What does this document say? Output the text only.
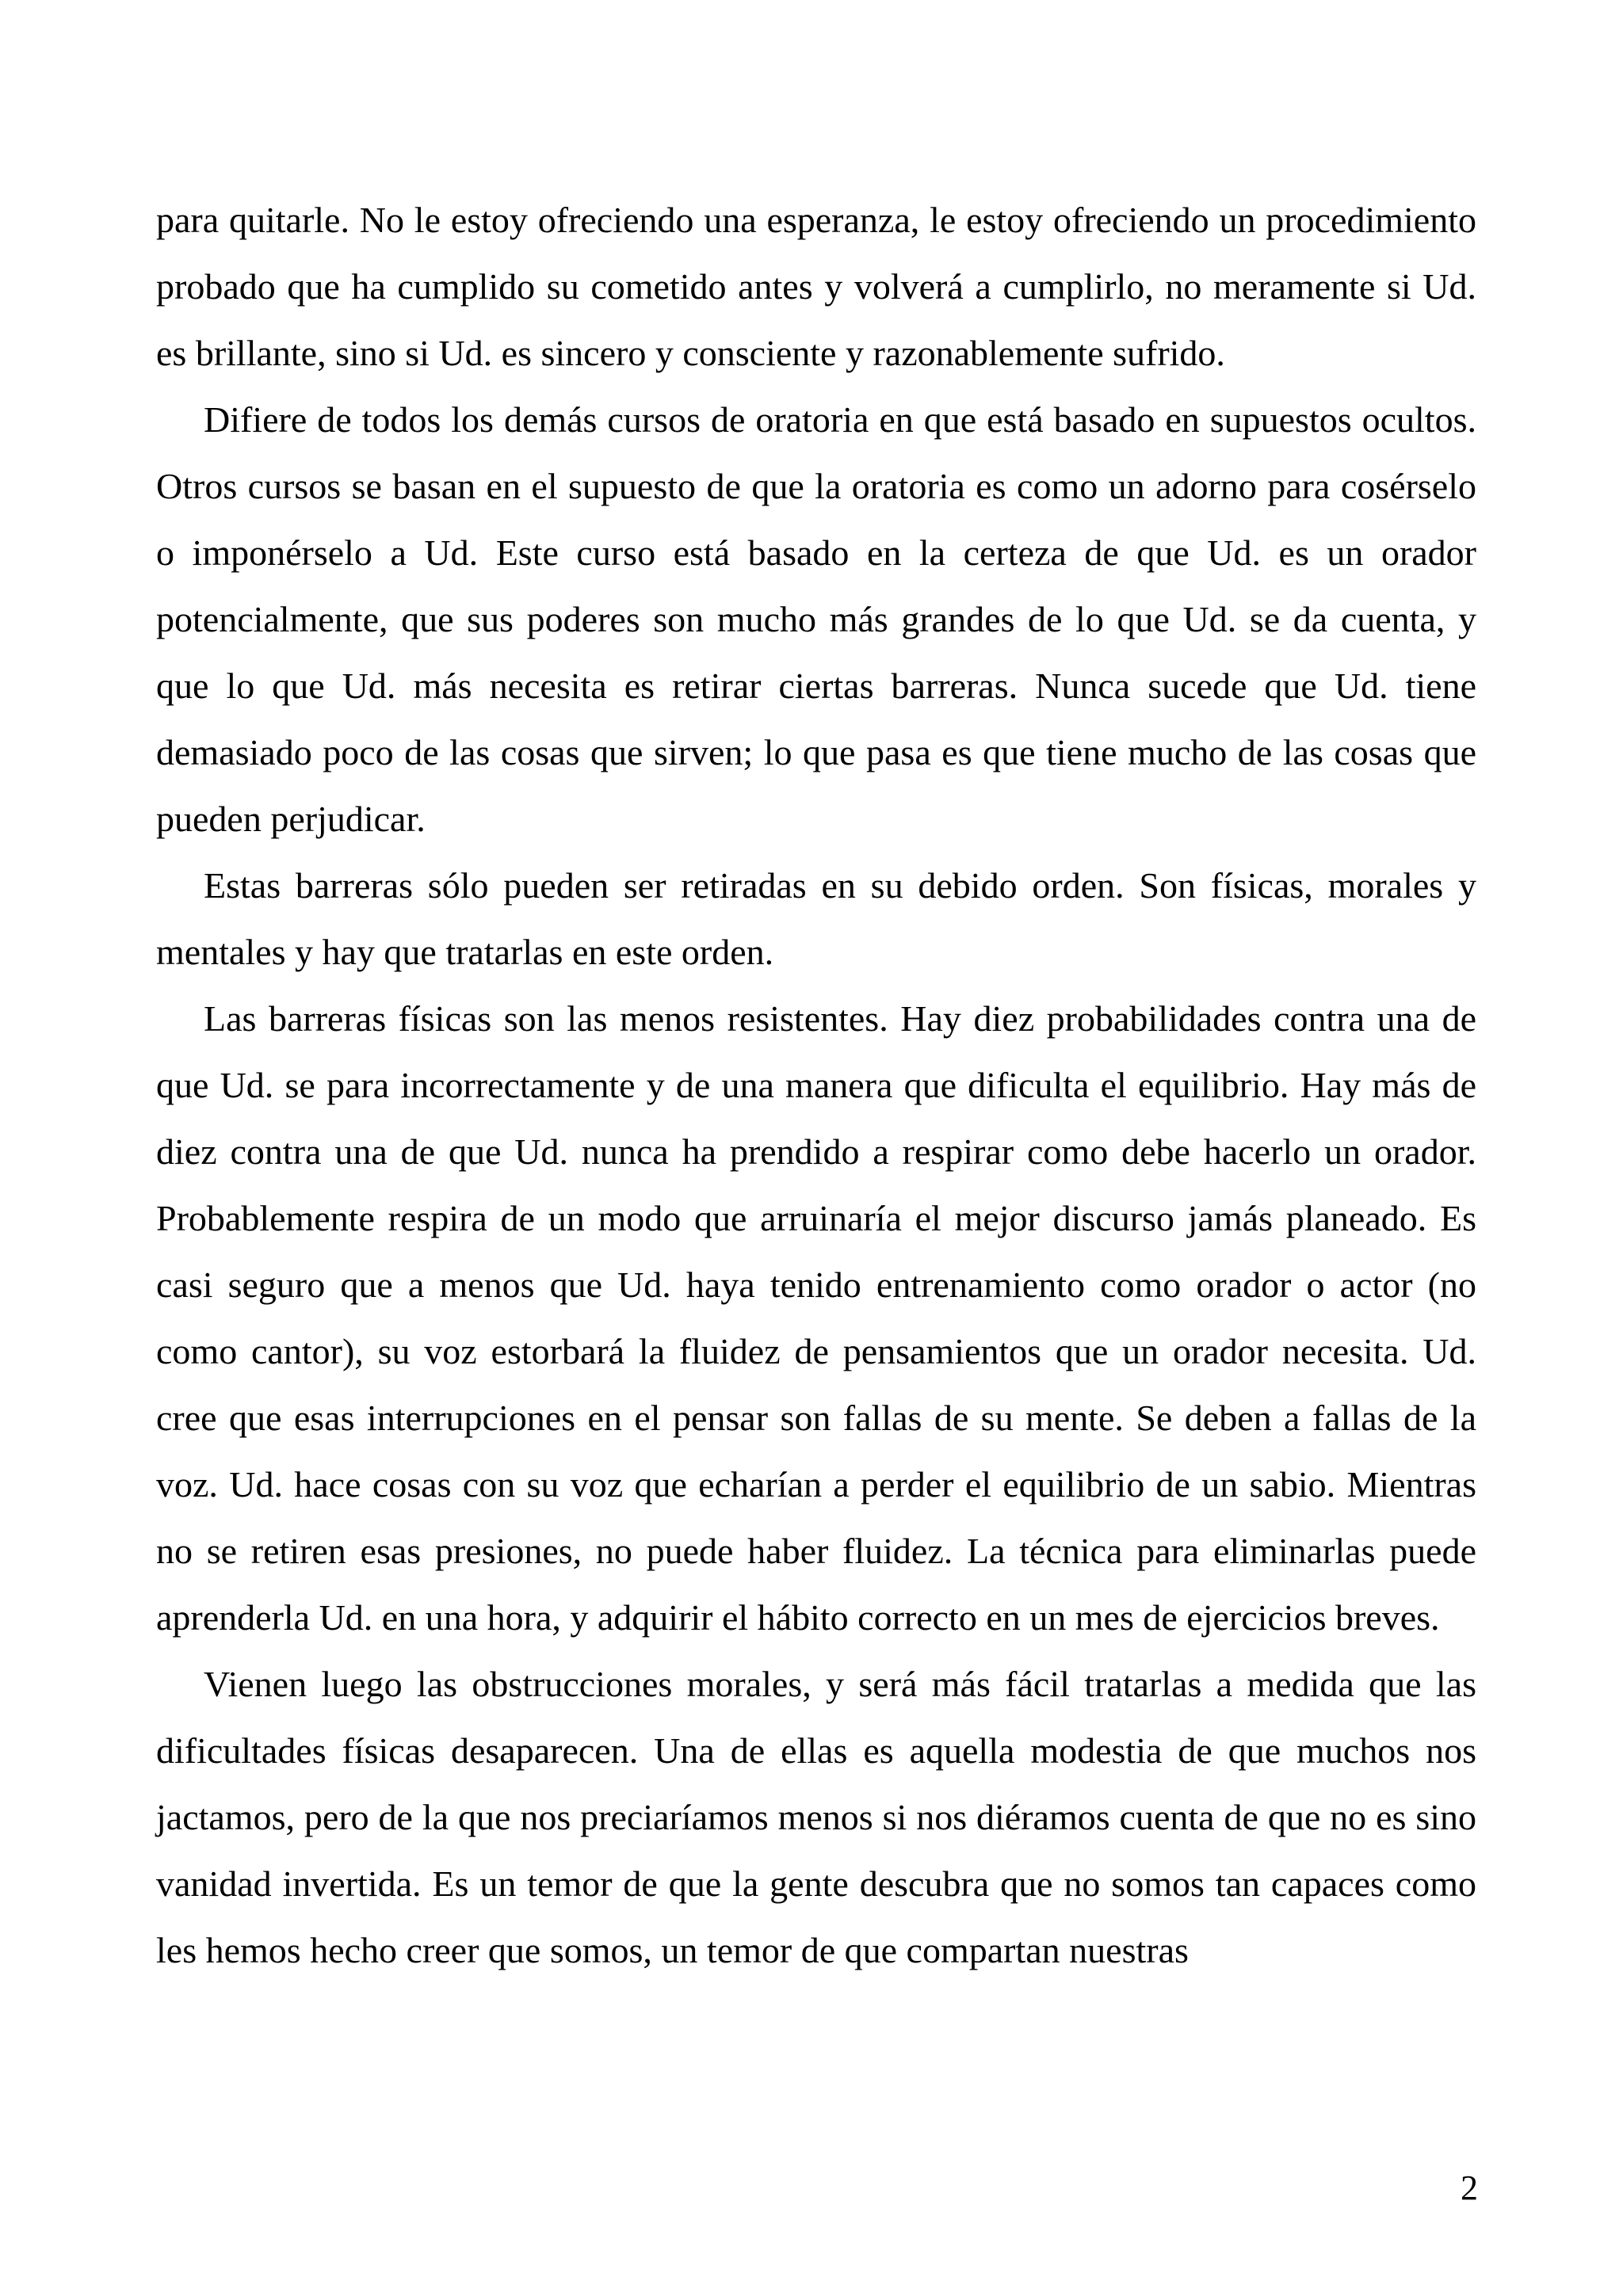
para quitarle. No le estoy ofreciendo una esperanza, le estoy ofreciendo un procedimiento probado que ha cumplido su cometido antes y volverá a cumplirlo, no meramente si Ud. es brillante, sino si Ud. es sincero y consciente y razonablemente sufrido.

Difiere de todos los demás cursos de oratoria en que está basado en supuestos ocultos. Otros cursos se basan en el supuesto de que la oratoria es como un adorno para cosérselo o imponérselo a Ud. Este curso está basado en la certeza de que Ud. es un orador potencialmente, que sus poderes son mucho más grandes de lo que Ud. se da cuenta, y que lo que Ud. más necesita es retirar ciertas barreras. Nunca sucede que Ud. tiene demasiado poco de las cosas que sirven; lo que pasa es que tiene mucho de las cosas que pueden perjudicar.

Estas barreras sólo pueden ser retiradas en su debido orden. Son físicas, morales y mentales y hay que tratarlas en este orden.

Las barreras físicas son las menos resistentes. Hay diez probabilidades contra una de que Ud. se para incorrectamente y de una manera que dificulta el equilibrio. Hay más de diez contra una de que Ud. nunca ha prendido a respirar como debe hacerlo un orador. Probablemente respira de un modo que arruinaría el mejor discurso jamás planeado. Es casi seguro que a menos que Ud. haya tenido entrenamiento como orador o actor (no como cantor), su voz estorbará la fluidez de pensamientos que un orador necesita. Ud. cree que esas interrupciones en el pensar son fallas de su mente. Se deben a fallas de la voz. Ud. hace cosas con su voz que echarían a perder el equilibrio de un sabio. Mientras no se retiren esas presiones, no puede haber fluidez. La técnica para eliminarlas puede aprenderla Ud. en una hora, y adquirir el hábito correcto en un mes de ejercicios breves.

Vienen luego las obstrucciones morales, y será más fácil tratarlas a medida que las dificultades físicas desaparecen. Una de ellas es aquella modestia de que muchos nos jactamos, pero de la que nos preciaríamos menos si nos diéramos cuenta de que no es sino vanidad invertida. Es un temor de que la gente descubra que no somos tan capaces como les hemos hecho creer que somos, un temor de que compartan nuestras

2
